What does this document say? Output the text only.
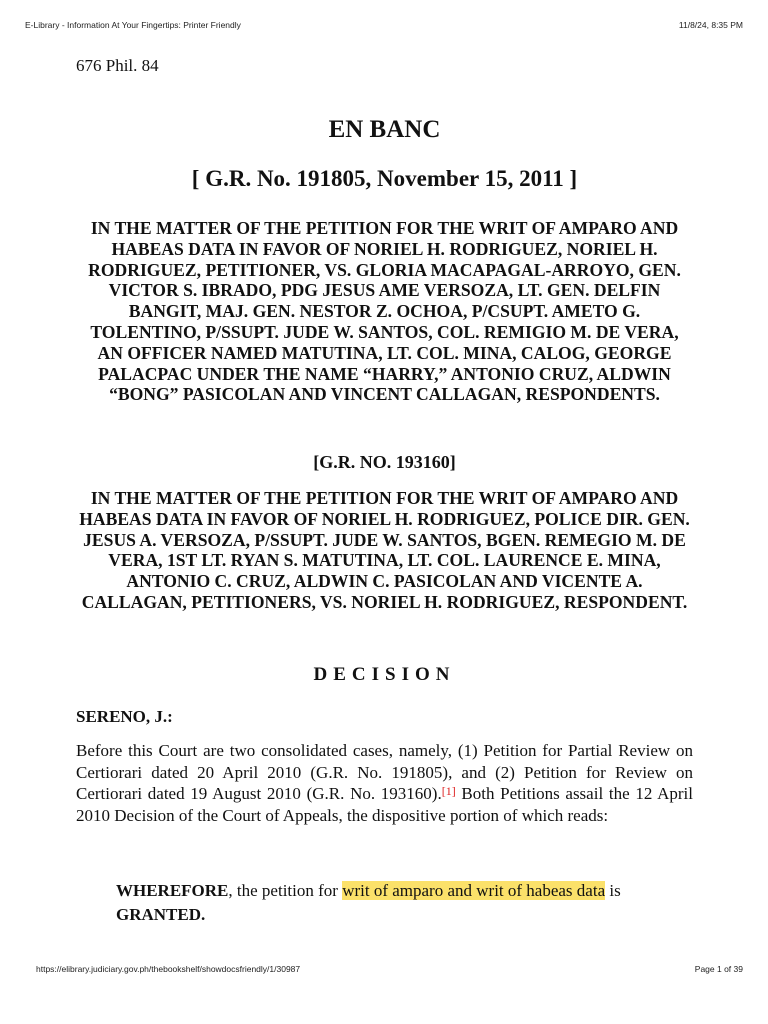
E-Library - Information At Your Fingertips: Printer Friendly	11/8/24, 8:35 PM

676 Phil. 84

EN BANC

[ G.R. No. 191805, November 15, 2011 ]

IN THE MATTER OF THE PETITION FOR THE WRIT OF AMPARO AND HABEAS DATA IN FAVOR OF NORIEL H. RODRIGUEZ, NORIEL H. RODRIGUEZ, PETITIONER, VS. GLORIA MACAPAGAL-ARROYO, GEN. VICTOR S. IBRADO, PDG JESUS AME VERSOZA, LT. GEN. DELFIN BANGIT, MAJ. GEN. NESTOR Z. OCHOA, P/CSUPT. AMETO G. TOLENTINO, P/SSUPT. JUDE W. SANTOS, COL. REMIGIO M. DE VERA, AN OFFICER NAMED MATUTINA, LT. COL. MINA, CALOG, GEORGE PALACPAC UNDER THE NAME “HARRY,” ANTONIO CRUZ, ALDWIN “BONG” PASICOLAN AND VINCENT CALLAGAN, RESPONDENTS.

[G.R. NO. 193160]

IN THE MATTER OF THE PETITION FOR THE WRIT OF AMPARO AND HABEAS DATA IN FAVOR OF NORIEL H. RODRIGUEZ, POLICE DIR. GEN. JESUS A. VERSOZA, P/SSUPT. JUDE W. SANTOS, BGEN. REMEGIO M. DE VERA, 1ST LT. RYAN S. MATUTINA, LT. COL. LAURENCE E. MINA, ANTONIO C. CRUZ, ALDWIN C. PASICOLAN AND VICENTE A. CALLAGAN, PETITIONERS, VS. NORIEL H. RODRIGUEZ, RESPONDENT.

DECISION

SERENO, J.:

Before this Court are two consolidated cases, namely, (1) Petition for Partial Review on Certiorari dated 20 April 2010 (G.R. No. 191805), and (2) Petition for Review on Certiorari dated 19 August 2010 (G.R. No. 193160).[1] Both Petitions assail the 12 April 2010 Decision of the Court of Appeals, the dispositive portion of which reads:

WHEREFORE, the petition for writ of amparo and writ of habeas data is GRANTED.

https://elibrary.judiciary.gov.ph/thebookshelf/showdocsfriendly/1/30987	Page 1 of 39
